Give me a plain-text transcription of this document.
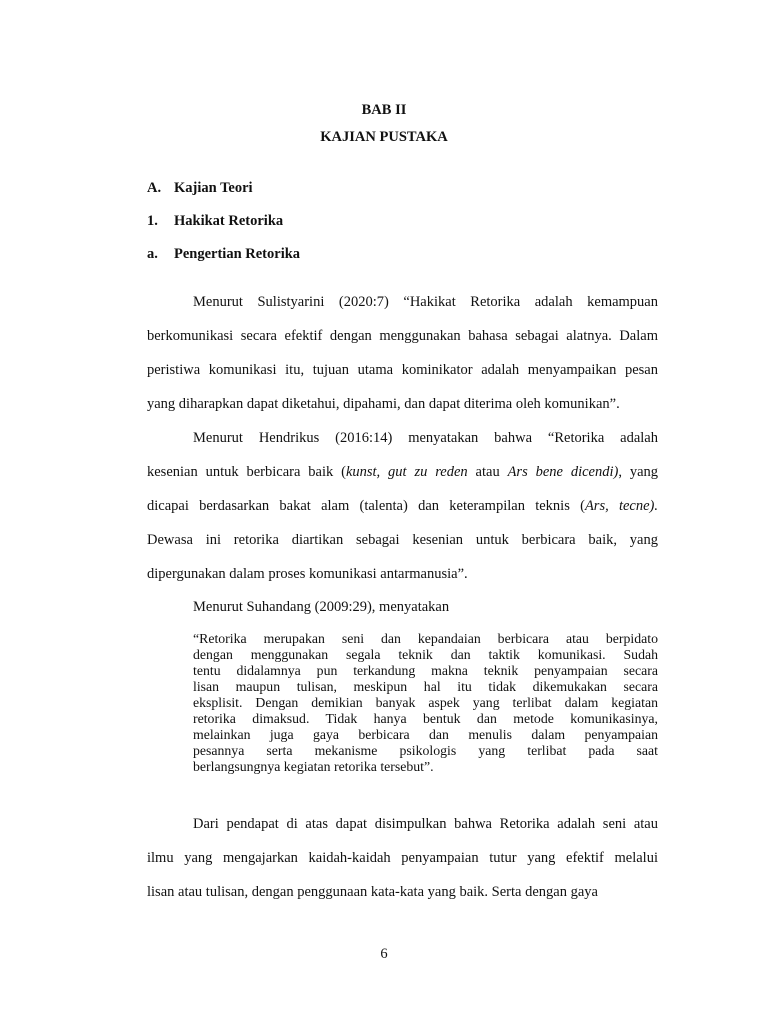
BAB II
KAJIAN PUSTAKA
A. Kajian Teori
1. Hakikat Retorika
a. Pengertian Retorika

Menurut Sulistyarini (2020:7) “Hakikat Retorika adalah kemampuan

berkomunikasi secara efektif dengan menggunakan bahasa sebagai alatnya. Dalam

peristiwa komunikasi itu, tujuan utama kominikator adalah menyampaikan pesan

yang diharapkan dapat diketahui, dipahami, dan dapat diterima oleh komunikan”.

Menurut Hendrikus (2016:14) menyatakan bahwa “Retorika adalah

kesenian untuk berbicara baik (kunst, gut zu reden atau Ars bene dicendi), yang

dicapai berdasarkan bakat alam (talenta) dan keterampilan teknis (Ars, tecne).

Dewasa ini retorika diartikan sebagai kesenian untuk berbicara baik, yang

dipergunakan dalam proses komunikasi antarmanusia”.

Menurut Suhandang (2009:29), menyatakan

“Retorika merupakan seni dan kepandaian berbicara atau berpidato

dengan menggunakan segala teknik dan taktik komunikasi. Sudah

tentu didalamnya pun terkandung makna teknik penyampaian secara

lisan maupun tulisan, meskipun hal itu tidak dikemukakan secara

eksplisit. Dengan demikian banyak aspek yang terlibat dalam kegiatan

retorika dimaksud. Tidak hanya bentuk dan metode komunikasinya,

melainkan juga gaya berbicara dan menulis dalam penyampaian

pesannya serta mekanisme psikologis yang terlibat pada saat

berlangsungnya kegiatan retorika tersebut”.

Dari pendapat di atas dapat disimpulkan bahwa Retorika adalah seni atau

ilmu yang mengajarkan kaidah-kaidah penyampaian tutur yang efektif melalui

lisan atau tulisan, dengan penggunaan kata-kata yang baik. Serta dengan gaya

6
